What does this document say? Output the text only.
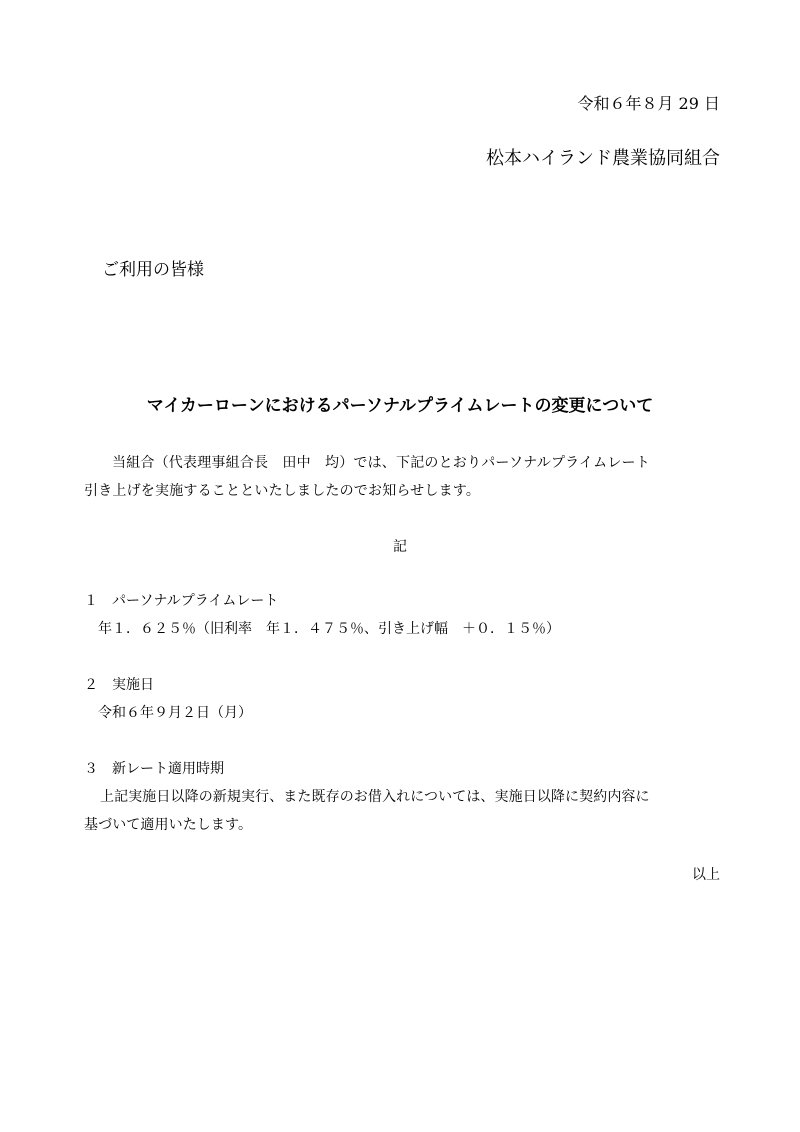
令和６年８月 29 日
松本ハイランド農業協同組合
ご利用の皆様
マイカーローンにおけるパーソナルプライムレートの変更について
当組合（代表理事組合長　田中　均）では、下記のとおりパーソナルプライムレート
引き上げを実施することといたしましたのでお知らせします。
記
１　パーソナルプライムレート
年１．６２５％（旧利率　年１．４７５％、引き上げ幅　＋０．１５％）
２　実施日
令和６年９月２日（月）
３　新レート適用時期
上記実施日以降の新規実行、また既存のお借入れについては、実施日以降に契約内容に
基づいて適用いたします。
以上
